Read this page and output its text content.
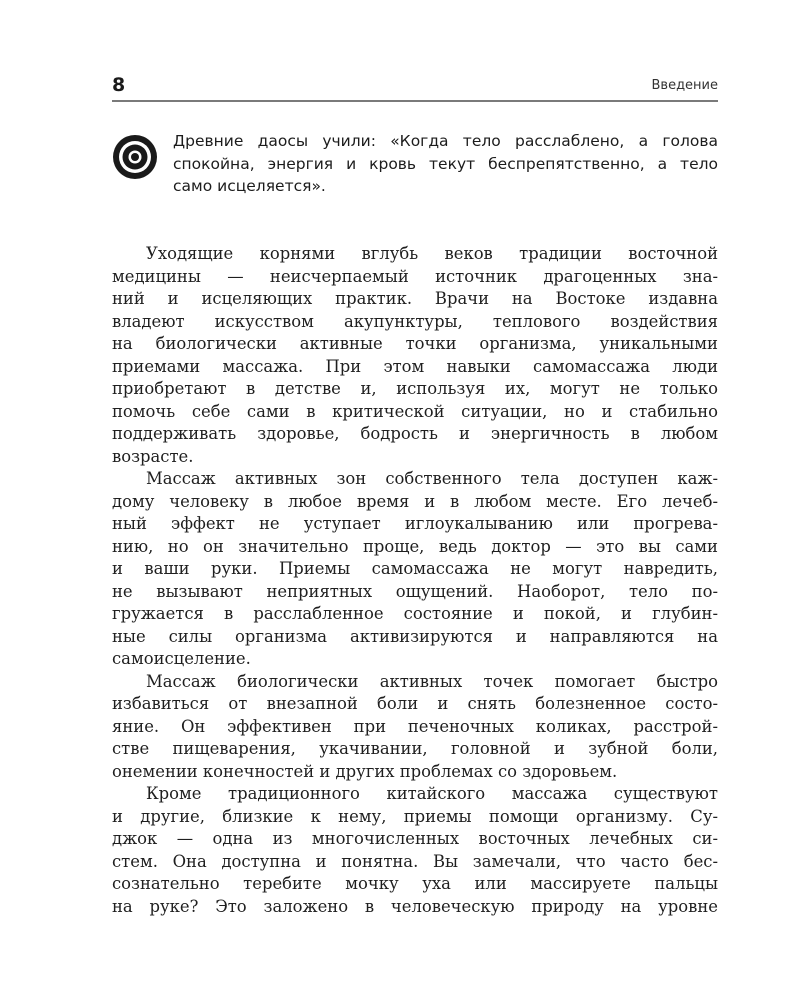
8	Введение
Древние даосы учили: «Когда тело расслаблено, а голова
спокойна, энергия и кровь текут беспрепятственно, а тело
само исцеляется».

Уходящие корнями вглубь веков традиции восточной
медицины — неисчерпаемый источник драгоценных зна-
ний и исцеляющих практик. Врачи на Востоке издавна
владеют искусством акупунктуры, теплового воздействия
на биологически активные точки организма, уникальными
приемами массажа. При этом навыки самомассажа люди
приобретают в детстве и, используя их, могут не только
помочь себе сами в критической ситуации, но и стабильно
поддерживать здоровье, бодрость и энергичность в любом
возрасте.

Массаж активных зон собственного тела доступен каж-
дому человеку в любое время и в любом месте. Его лечеб-
ный эффект не уступает иглоукалыванию или прогрева-
нию, но он значительно проще, ведь доктор — это вы сами
и ваши руки. Приемы самомассажа не могут навредить,
не вызывают неприятных ощущений. Наоборот, тело по-
гружается в расслабленное состояние и покой, и глубин-
ные силы организма активизируются и направляются на
самоисцеление.

Массаж биологически активных точек помогает быстро
избавиться от внезапной боли и снять болезненное состо-
яние. Он эффективен при печеночных коликах, расстрой-
стве пищеварения, укачивании, головной и зубной боли,
онемении конечностей и других проблемах со здоровьем.

Кроме традиционного китайского массажа существуют
и другие, близкие к нему, приемы помощи организму. Су-
джок — одна из многочисленных восточных лечебных си-
стем. Она доступна и понятна. Вы замечали, что часто бес-
сознательно теребите мочку уха или массируете пальцы
на руке? Это заложено в человеческую природу на уровне
